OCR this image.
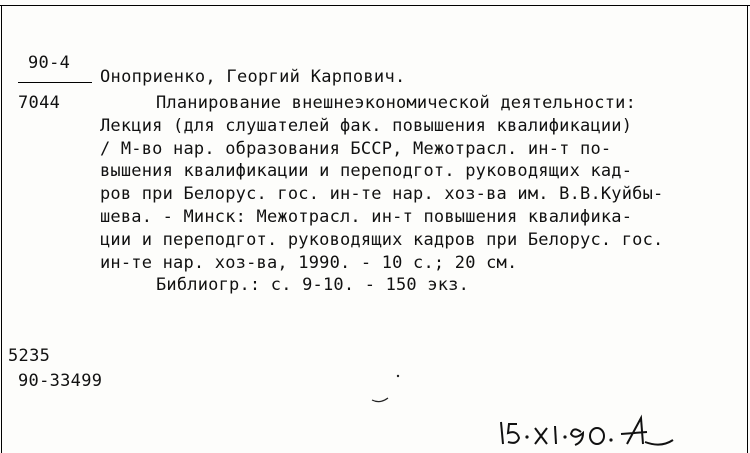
90-4
7044
Оноприенко, Георгий Карпович.
Планирование внешнеэкономической деятельности:
Лекция (для слушателей фак. повышения квалификации)
/ М-во нар. образования БССР, Межотрасл. ин-т по-
вышения квалификации и переподгот. руководящих кад-
ров при Белорус. гос. ин-те нар. хоз-ва им. В.В.Куйбы-
шева. - Минск: Межотрасл. ин-т повышения квалифика-
ции и переподгот. руководящих кадров при Белорус. гос.
ин-те нар. хоз-ва, 1990. - 10 с.; 20 см.
Библиогр.: с. 9-10. - 150 экз.
5235
90-33499
